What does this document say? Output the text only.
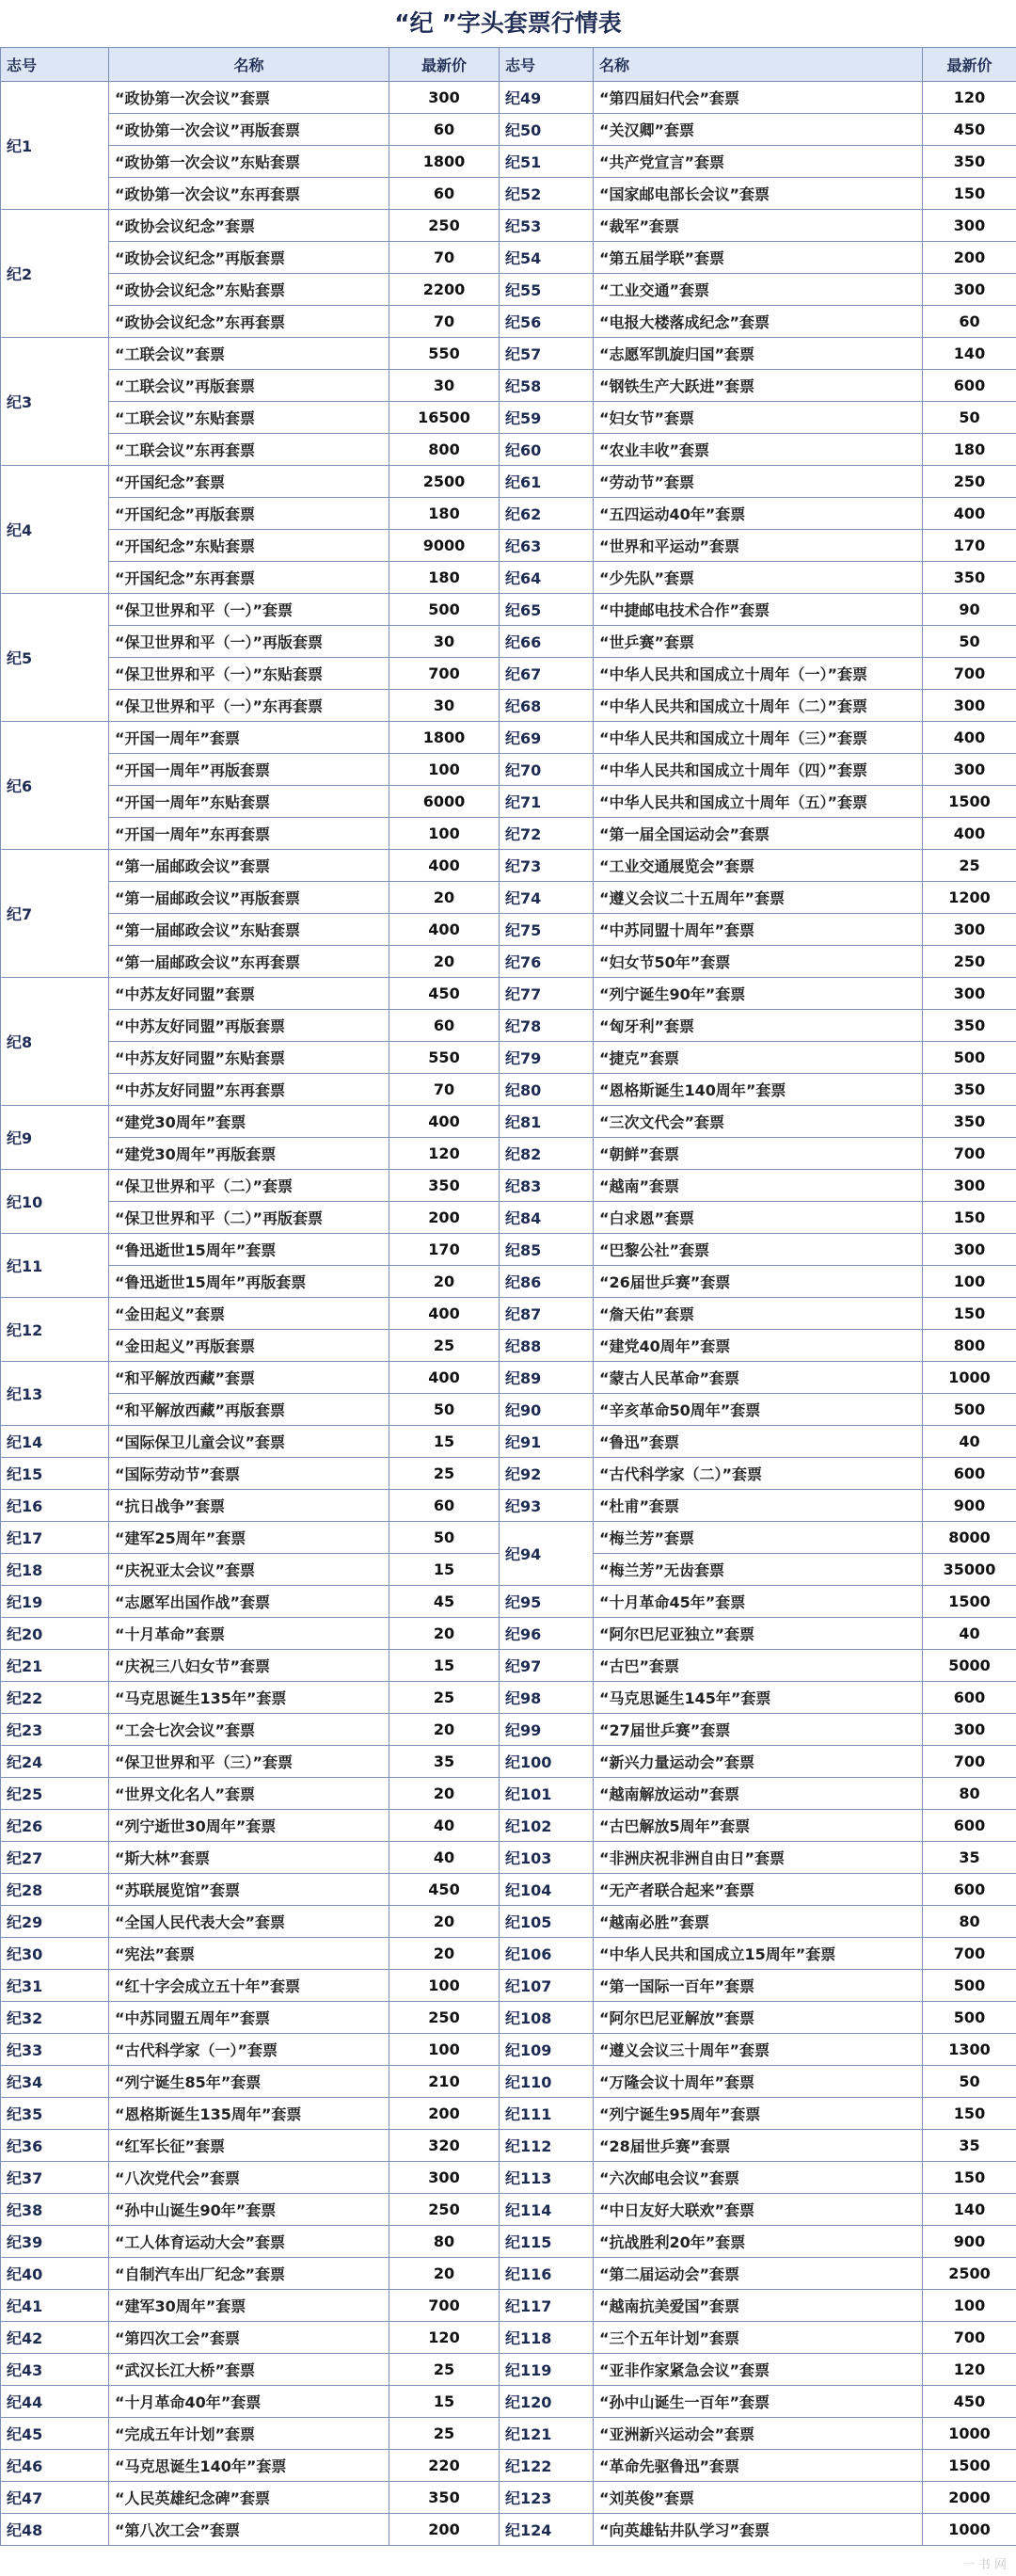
“纪 ”字头套票行情表
志号	名称	最新价	志号	名称	最新价
纪1	“政协第一次会议”套票	300	纪49	“第四届妇代会”套票	120
	“政协第一次会议”再版套票	60	纪50	“关汉卿”套票	450
	“政协第一次会议”东贴套票	1800	纪51	“共产党宣言”套票	350
	“政协第一次会议”东再套票	60	纪52	“国家邮电部长会议”套票	150
纪2	“政协会议纪念”套票	250	纪53	“裁军”套票	300
	“政协会议纪念”再版套票	70	纪54	“第五届学联”套票	200
	“政协会议纪念”东贴套票	2200	纪55	“工业交通”套票	300
	“政协会议纪念”东再套票	70	纪56	“电报大楼落成纪念”套票	60
纪3	“工联会议”套票	550	纪57	“志愿军凯旋归国”套票	140
	“工联会议”再版套票	30	纪58	“钢铁生产大跃进”套票	600
	“工联会议”东贴套票	16500	纪59	“妇女节”套票	50
	“工联会议”东再套票	800	纪60	“农业丰收”套票	180
纪4	“开国纪念”套票	2500	纪61	“劳动节”套票	250
	“开国纪念”再版套票	180	纪62	“五四运动40年”套票	400
	“开国纪念”东贴套票	9000	纪63	“世界和平运动”套票	170
	“开国纪念”东再套票	180	纪64	“少先队”套票	350
纪5	“保卫世界和平（一）”套票	500	纪65	“中捷邮电技术合作”套票	90
	“保卫世界和平（一）”再版套票	30	纪66	“世乒赛”套票	50
	“保卫世界和平（一）”东贴套票	700	纪67	“中华人民共和国成立十周年（一）”套票	700
	“保卫世界和平（一）”东再套票	30	纪68	“中华人民共和国成立十周年（二）”套票	300
纪6	“开国一周年”套票	1800	纪69	“中华人民共和国成立十周年（三）”套票	400
	“开国一周年”再版套票	100	纪70	“中华人民共和国成立十周年（四）”套票	300
	“开国一周年”东贴套票	6000	纪71	“中华人民共和国成立十周年（五）”套票	1500
	“开国一周年”东再套票	100	纪72	“第一届全国运动会”套票	400
纪7	“第一届邮政会议”套票	400	纪73	“工业交通展览会”套票	25
	“第一届邮政会议”再版套票	20	纪74	“遵义会议二十五周年”套票	1200
	“第一届邮政会议”东贴套票	400	纪75	“中苏同盟十周年”套票	300
	“第一届邮政会议”东再套票	20	纪76	“妇女节50年”套票	250
纪8	“中苏友好同盟”套票	450	纪77	“列宁诞生90年”套票	300
	“中苏友好同盟”再版套票	60	纪78	“匈牙利”套票	350
	“中苏友好同盟”东贴套票	550	纪79	“捷克”套票	500
	“中苏友好同盟”东再套票	70	纪80	“恩格斯诞生140周年”套票	350
纪9	“建党30周年”套票	400	纪81	“三次文代会”套票	350
	“建党30周年”再版套票	120	纪82	“朝鲜”套票	700
纪10	“保卫世界和平（二）”套票	350	纪83	“越南”套票	300
	“保卫世界和平（二）”再版套票	200	纪84	“白求恩”套票	150
纪11	“鲁迅逝世15周年”套票	170	纪85	“巴黎公社”套票	300
	“鲁迅逝世15周年”再版套票	20	纪86	“26届世乒赛”套票	100
纪12	“金田起义”套票	400	纪87	“詹天佑”套票	150
	“金田起义”再版套票	25	纪88	“建党40周年”套票	800
纪13	“和平解放西藏”套票	400	纪89	“蒙古人民革命”套票	1000
	“和平解放西藏”再版套票	50	纪90	“辛亥革命50周年”套票	500
纪14	“国际保卫儿童会议”套票	15	纪91	“鲁迅”套票	40
纪15	“国际劳动节”套票	25	纪92	“古代科学家（二）”套票	600
纪16	“抗日战争”套票	60	纪93	“杜甫”套票	900
纪17	“建军25周年”套票	50	纪94	“梅兰芳”套票	8000
纪18	“庆祝亚太会议”套票	15		“梅兰芳”无齿套票	35000
纪19	“志愿军出国作战”套票	45	纪95	“十月革命45年”套票	1500
纪20	“十月革命”套票	20	纪96	“阿尔巴尼亚独立”套票	40
纪21	“庆祝三八妇女节”套票	15	纪97	“古巴”套票	5000
纪22	“马克思诞生135年”套票	25	纪98	“马克思诞生145年”套票	600
纪23	“工会七次会议”套票	20	纪99	“27届世乒赛”套票	300
纪24	“保卫世界和平（三）”套票	35	纪100	“新兴力量运动会”套票	700
纪25	“世界文化名人”套票	20	纪101	“越南解放运动”套票	80
纪26	“列宁逝世30周年”套票	40	纪102	“古巴解放5周年”套票	600
纪27	“斯大林”套票	40	纪103	“非洲庆祝非洲自由日”套票	35
纪28	“苏联展览馆”套票	450	纪104	“无产者联合起来”套票	600
纪29	“全国人民代表大会”套票	20	纪105	“越南必胜”套票	80
纪30	“宪法”套票	20	纪106	“中华人民共和国成立15周年”套票	700
纪31	“红十字会成立五十年”套票	100	纪107	“第一国际一百年”套票	500
纪32	“中苏同盟五周年”套票	250	纪108	“阿尔巴尼亚解放”套票	500
纪33	“古代科学家（一）”套票	100	纪109	“遵义会议三十周年”套票	1300
纪34	“列宁诞生85年”套票	210	纪110	“万隆会议十周年”套票	50
纪35	“恩格斯诞生135周年”套票	200	纪111	“列宁诞生95周年”套票	150
纪36	“红军长征”套票	320	纪112	“28届世乒赛”套票	35
纪37	“八次党代会”套票	300	纪113	“六次邮电会议”套票	150
纪38	“孙中山诞生90年”套票	250	纪114	“中日友好大联欢”套票	140
纪39	“工人体育运动大会”套票	80	纪115	“抗战胜利20年”套票	900
纪40	“自制汽车出厂纪念”套票	20	纪116	“第二届运动会”套票	2500
纪41	“建军30周年”套票	700	纪117	“越南抗美爱国”套票	100
纪42	“第四次工会”套票	120	纪118	“三个五年计划”套票	700
纪43	“武汉长江大桥”套票	25	纪119	“亚非作家紧急会议”套票	120
纪44	“十月革命40年”套票	15	纪120	“孙中山诞生一百年”套票	450
纪45	“完成五年计划”套票	25	纪121	“亚洲新兴运动会”套票	1000
纪46	“马克思诞生140年”套票	220	纪122	“革命先驱鲁迅”套票	1500
纪47	“人民英雄纪念碑”套票	350	纪123	“刘英俊”套票	2000
纪48	“第八次工会”套票	200	纪124	“向英雄钻井队学习”套票	1000
一 书 网
